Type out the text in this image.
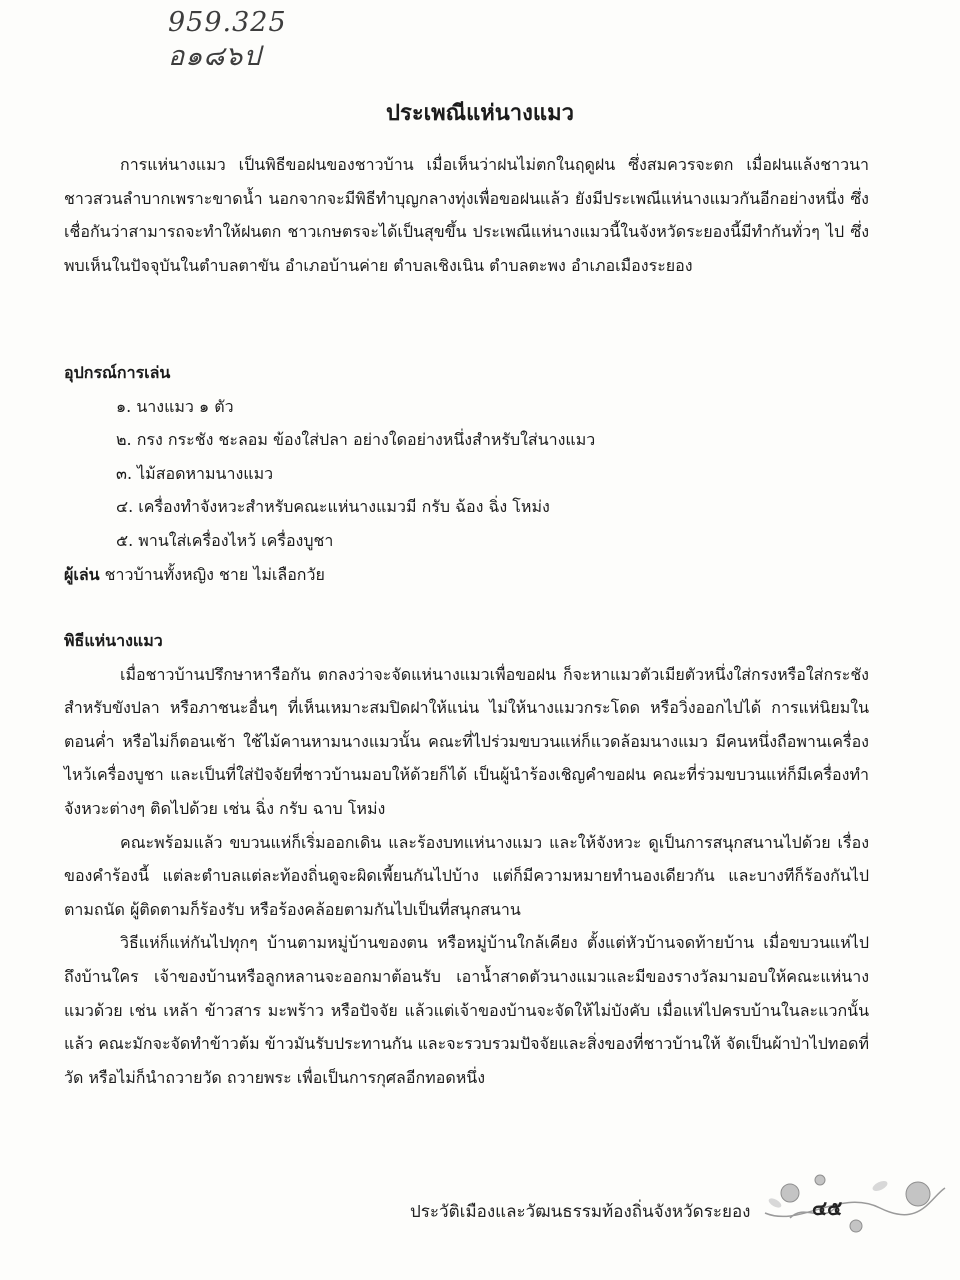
959.325
อ๑๘๖ป
ประเพณีแห่นางแมว

การแห่นางแมว เป็นพิธีขอฝนของชาวบ้าน เมื่อเห็นว่าฝนไม่ตกในฤดูฝน ซึ่งสมควรจะตก เมื่อฝนแล้งชาวนา ชาวสวนลำบากเพราะขาดน้ำ นอกจากจะมีพิธีทำบุญกลางทุ่งเพื่อขอฝนแล้ว ยังมีประเพณีแห่นางแมวกันอีกอย่างหนึ่ง ซึ่งเชื่อกันว่าสามารถจะทำให้ฝนตก ชาวเกษตรจะได้เป็นสุขขึ้น ประเพณีแห่นางแมวนี้ในจังหวัดระยองนี้มีทำกันทั่วๆ ไป ซึ่งพบเห็นในปัจจุบันในตำบลตาขัน อำเภอบ้านค่าย ตำบลเชิงเนิน ตำบลตะพง อำเภอเมืองระยอง

อุปกรณ์การเล่น

๑. นางแมว ๑ ตัว

๒. กรง กระชัง ชะลอม ข้องใส่ปลา อย่างใดอย่างหนึ่งสำหรับใส่นางแมว

๓. ไม้สอดหามนางแมว

๔. เครื่องทำจังหวะสำหรับคณะแห่นางแมวมี กรับ ฉ้อง ฉิ่ง โหม่ง

๕. พานใส่เครื่องไหว้ เครื่องบูชา

ผู้เล่น ชาวบ้านทั้งหญิง ชาย ไม่เลือกวัย

พิธีแห่นางแมว

เมื่อชาวบ้านปรึกษาหารือกัน ตกลงว่าจะจัดแห่นางแมวเพื่อขอฝน ก็จะหาแมวตัวเมียตัวหนึ่งใส่กรงหรือใส่กระชังสำหรับขังปลา หรือภาชนะอื่นๆ ที่เห็นเหมาะสมปิดฝาให้แน่น ไม่ให้นางแมวกระโดด หรือวิ่งออกไปได้ การแห่นิยมในตอนค่ำ หรือไม่ก็ตอนเช้า ใช้ไม้คานหามนางแมวนั้น คณะที่ไปร่วมขบวนแห่ก็แวดล้อมนางแมว มีคนหนึ่งถือพานเครื่องไหว้เครื่องบูชา และเป็นที่ใส่ปัจจัยที่ชาวบ้านมอบให้ด้วยก็ได้ เป็นผู้นำร้องเชิญคำขอฝน คณะที่ร่วมขบวนแห่ก็มีเครื่องทำจังหวะต่างๆ ติดไปด้วย เช่น ฉิ่ง กรับ ฉาบ โหม่ง

คณะพร้อมแล้ว ขบวนแห่ก็เริ่มออกเดิน และร้องบทแห่นางแมว และให้จังหวะ ดูเป็นการสนุกสนานไปด้วย เรื่องของคำร้องนี้ แต่ละตำบลแต่ละท้องถิ่นดูจะผิดเพี้ยนกันไปบ้าง แต่ก็มีความหมายทำนองเดียวกัน และบางทีก็ร้องกันไปตามถนัด ผู้ติดตามก็ร้องรับ หรือร้องคล้อยตามกันไปเป็นที่สนุกสนาน

วิธีแห่ก็แห่กันไปทุกๆ บ้านตามหมู่บ้านของตน หรือหมู่บ้านใกล้เคียง ตั้งแต่หัวบ้านจดท้ายบ้าน เมื่อขบวนแห่ไปถึงบ้านใคร เจ้าของบ้านหรือลูกหลานจะออกมาต้อนรับ เอาน้ำสาดตัวนางแมวและมีของรางวัลมามอบให้คณะแห่นางแมวด้วย เช่น เหล้า ข้าวสาร มะพร้าว หรือปัจจัย แล้วแต่เจ้าของบ้านจะจัดให้ไม่บังคับ เมื่อแห่ไปครบบ้านในละแวกนั้นแล้ว คณะมักจะจัดทำข้าวต้ม ข้าวมันรับประทานกัน และจะรวบรวมปัจจัยและสิ่งของที่ชาวบ้านให้ จัดเป็นผ้าป่าไปทอดที่วัด หรือไม่ก็นำถวายวัด ถวายพระ เพื่อเป็นการกุศลอีกทอดหนึ่ง

ประวัติเมืองและวัฒนธรรมท้องถิ่นจังหวัดระยอง	๔๕
